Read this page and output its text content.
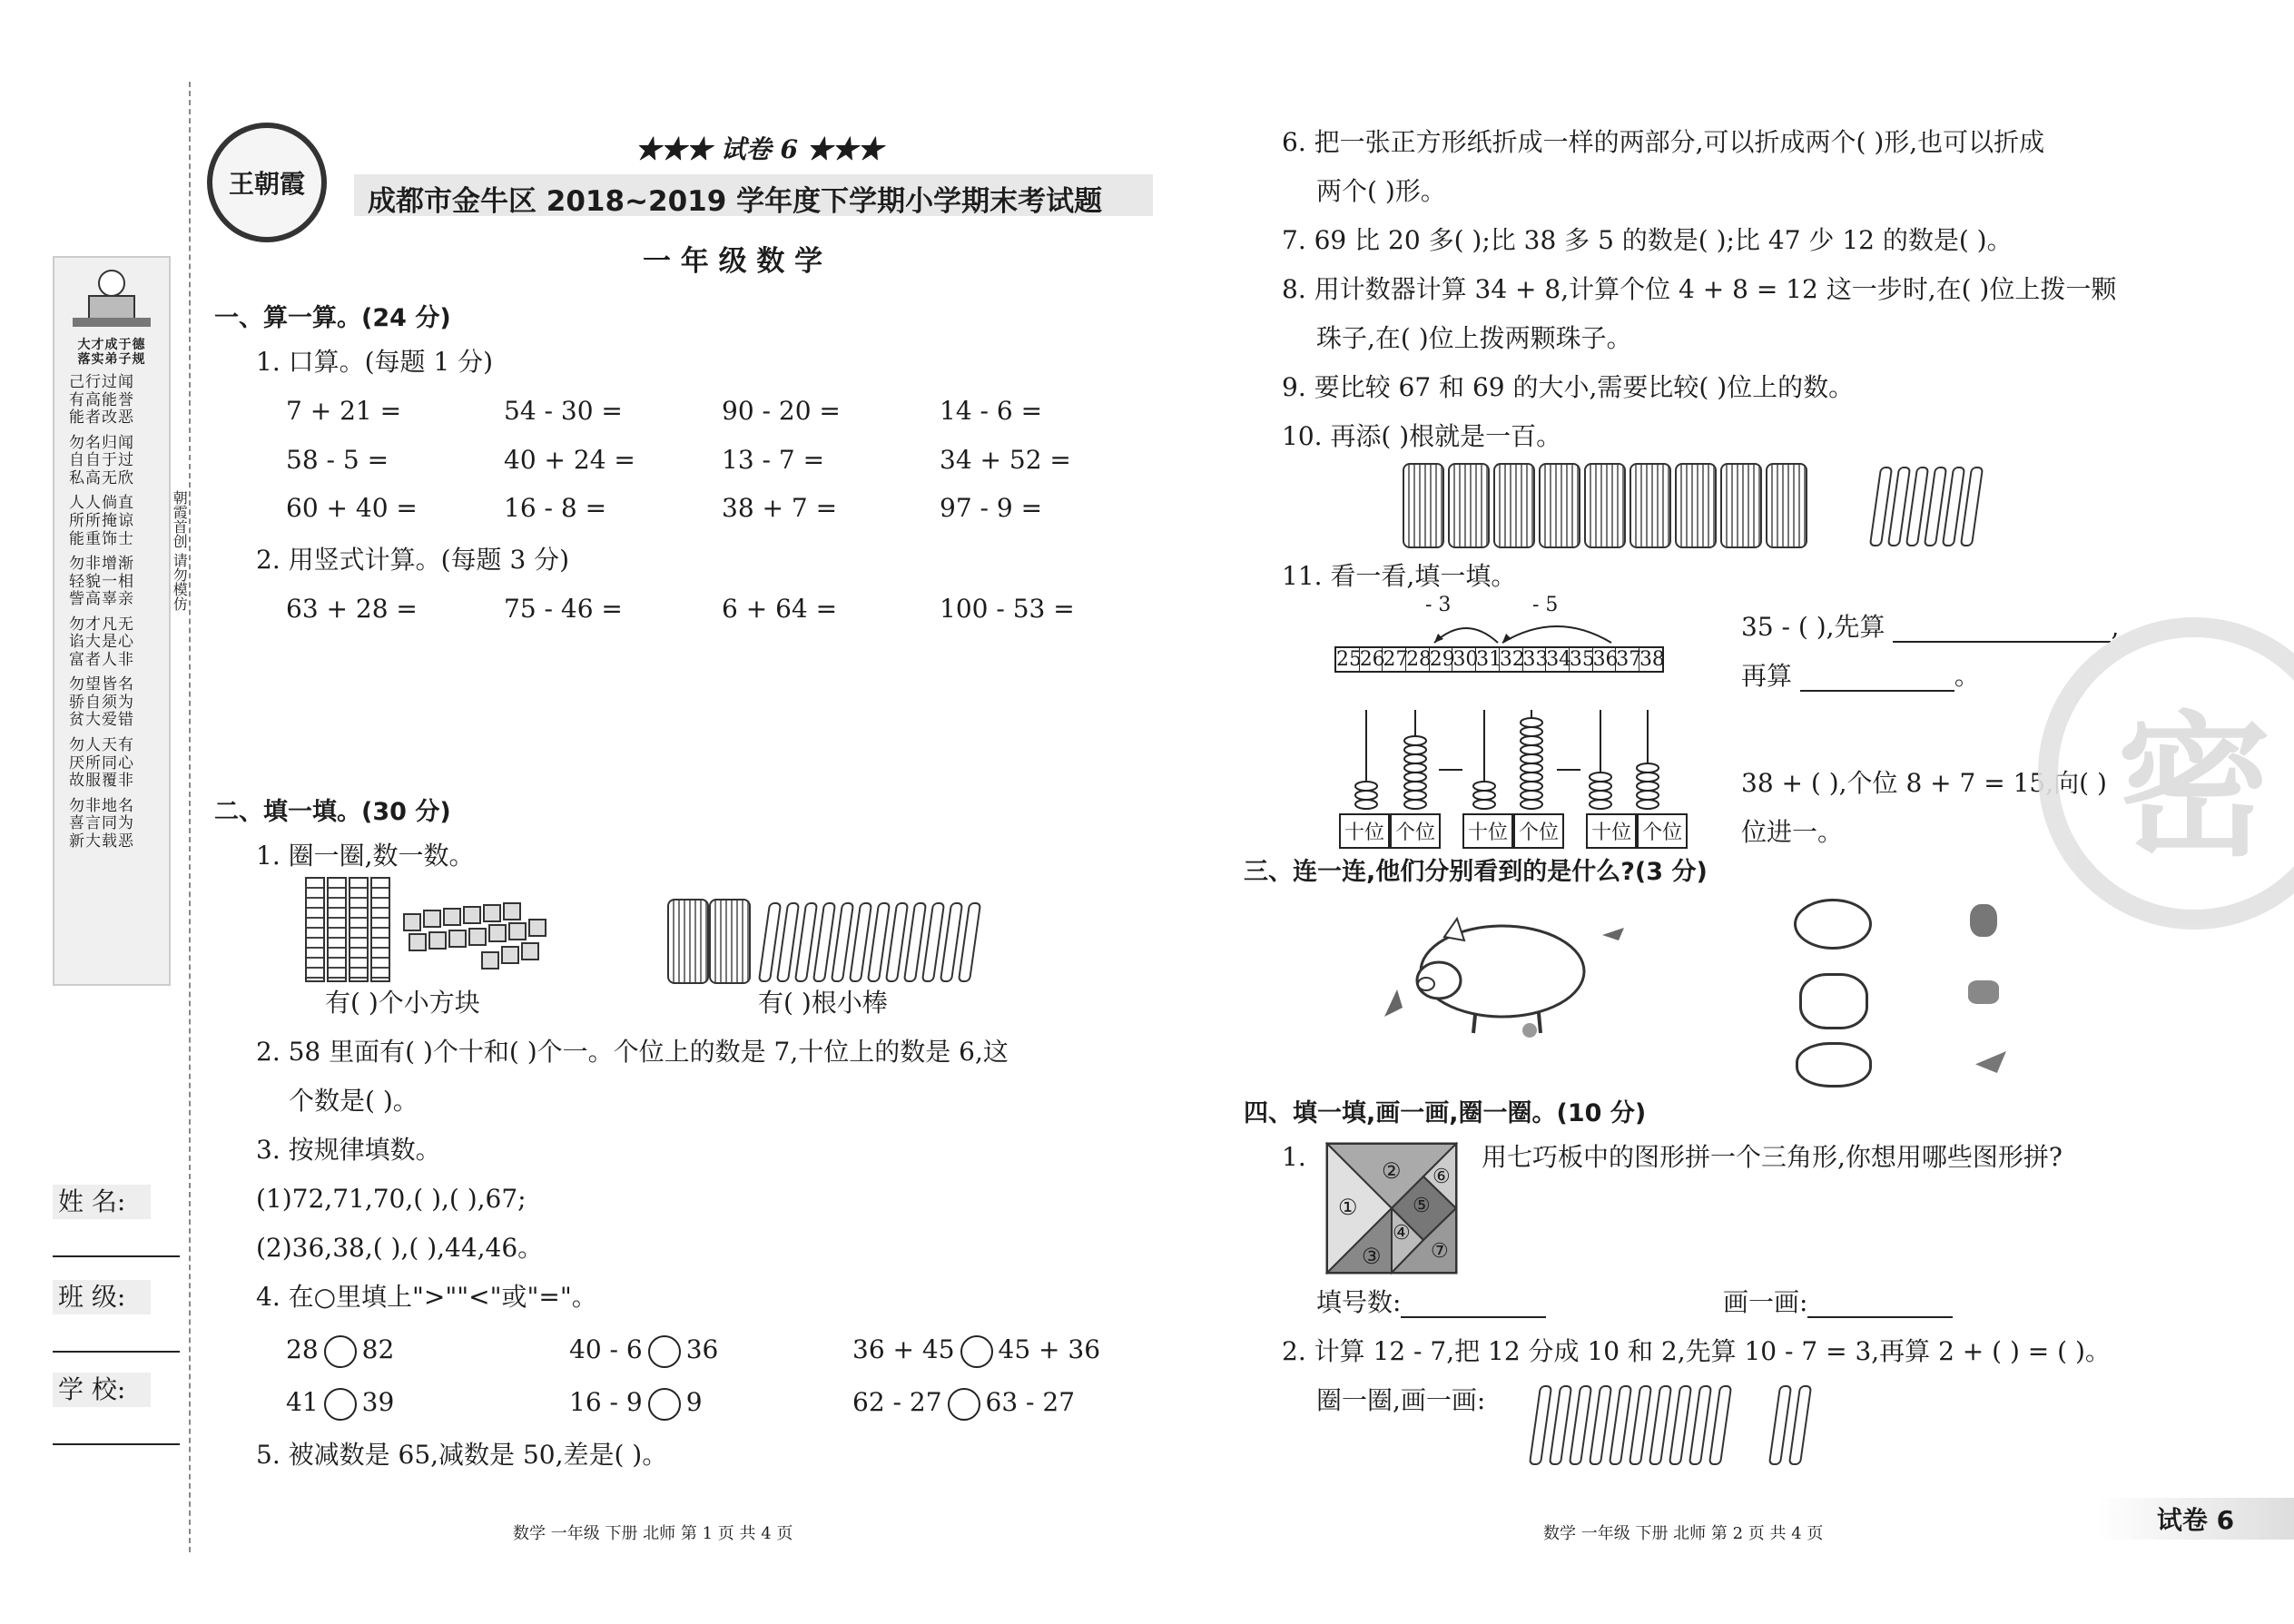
大才成于德
落实弟子规
己行过闻
有高能誉
能者改恶
勿名归闻
自自于过
私高无欣
人人倘直
所所掩谅
能重饰士
勿非增渐
轻貌一相
訾高辜亲
勿才凡无
谄大是心
富者人非
勿望皆名
骄自须为
贫大爱错
勿人天有
厌所同心
故服覆非
勿非地名
喜言同为
新大载恶
朝霞首创 请勿模仿
姓 名:
班 级:
学 校:
王朝霞
★★★ 试卷 6 ★★★
成都市金牛区 2018~2019 学年度下学期小学期末考试题
一 年 级 数 学
一、算一算。(24 分)
1. 口算。(每题 1 分)
7 + 21 =	54 - 30 =	90 - 20 =	14 - 6 =
58 - 5 =	40 + 24 =	13 - 7 =	34 + 52 =
60 + 40 =	16 - 8 =	38 + 7 =	97 - 9 =
2. 用竖式计算。(每题 3 分)
63 + 28 =	75 - 46 =	6 + 64 =	100 - 53 =
二、填一填。(30 分)
1. 圈一圈,数一数。
有( )个小方块	有( )根小棒
2. 58 里面有( )个十和( )个一。个位上的数是 7,十位上的数是 6,这
个数是( )。
3. 按规律填数。
(1)72,71,70,( ),( ),67;
(2)36,38,( ),( ),44,46。
4. 在○里填上">""<"或"="。
28 82	40 - 6 36	36 + 45 45 + 36
41 39	16 - 9 9	62 - 27 63 - 27
5. 被减数是 65,减数是 50,差是( )。
数学 一年级 下册 北师 第 1 页 共 4 页
6. 把一张正方形纸折成一样的两部分,可以折成两个( )形,也可以折成
两个( )形。
7. 69 比 20 多( );比 38 多 5 的数是( );比 47 少 12 的数是( )。
8. 用计数器计算 34 + 8,计算个位 4 + 8 = 12 这一步时,在( )位上拨一颗
珠子,在( )位上拨两颗珠子。
9. 要比较 67 和 69 的大小,需要比较( )位上的数。
10. 再添( )根就是一百。
11. 看一看,填一填。
- 3	- 5
25
26
27
28
29
30
31
32
33
34
35
36
37
38
35 - ( ),先算	,
再算	。
十位 个位 十位 个位 十位 个位
38 + ( ),个位 8 + 7 = 15,向( )
位进一。
三、连一连,他们分别看到的是什么?(3 分)
四、填一填,画一画,圈一圈。(10 分)
1.
①
②
③
④
⑤
⑥
⑦
用七巧板中的图形拼一个三角形,你想用哪些图形拼?
填号数:	画一画:
2. 计算 12 - 7,把 12 分成 10 和 2,先算 10 - 7 = 3,再算 2 + ( ) = ( )。
圈一圈,画一画:
密
数学 一年级 下册 北师 第 2 页 共 4 页	试卷 6
